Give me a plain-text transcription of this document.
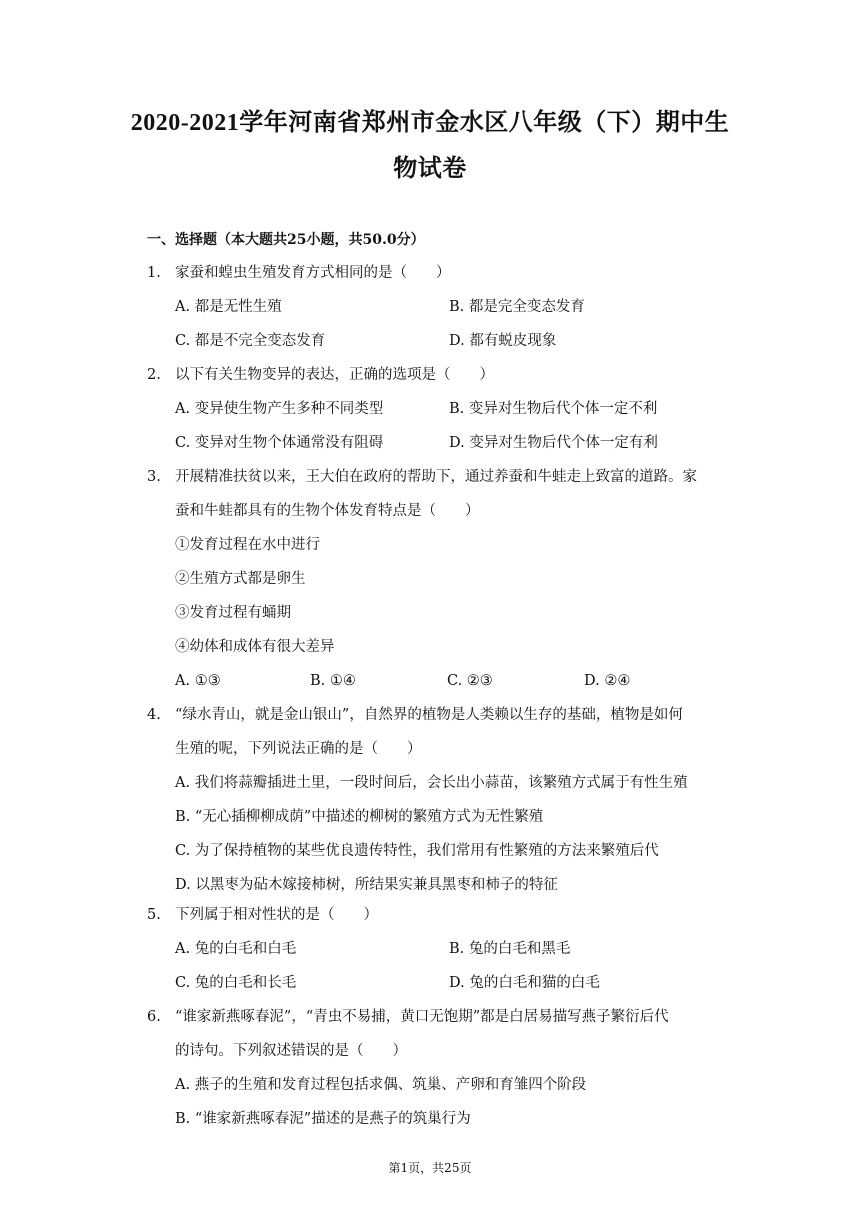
2020-2021学年河南省郑州市金水区八年级（下）期中生
物试卷
一、选择题（本大题共25小题，共50.0分）
1. 家蚕和蝗虫生殖发育方式相同的是（　　）
A. 都是无性生殖	B. 都是完全变态发育
C. 都是不完全变态发育	D. 都有蜕皮现象
2. 以下有关生物变异的表达，正确的选项是（　　）
A. 变异使生物产生多种不同类型	B. 变异对生物后代个体一定不利
C. 变异对生物个体通常没有阻碍	D. 变异对生物后代个体一定有利
3. 开展精准扶贫以来，王大伯在政府的帮助下，通过养蚕和牛蛙走上致富的道路。家
蚕和牛蛙都具有的生物个体发育特点是（　　）
①发育过程在水中进行
②生殖方式都是卵生
③发育过程有蛹期
④幼体和成体有很大差异
A. ①③	B. ①④	C. ②③	D. ②④
4. “绿水青山，就是金山银山”，自然界的植物是人类赖以生存的基础，植物是如何
生殖的呢，下列说法正确的是（　　）
A. 我们将蒜瓣插进土里，一段时间后，会长出小蒜苗，该繁殖方式属于有性生殖
B. “无心插柳柳成荫”中描述的柳树的繁殖方式为无性繁殖
C. 为了保持植物的某些优良遗传特性，我们常用有性繁殖的方法来繁殖后代
D. 以黑枣为砧木嫁接柿树，所结果实兼具黑枣和柿子的特征
5. 下列属于相对性状的是（　　）
A. 兔的白毛和白毛	B. 兔的白毛和黑毛
C. 兔的白毛和长毛	D. 兔的白毛和猫的白毛
6. “谁家新燕啄春泥”，“青虫不易捕，黄口无饱期”都是白居易描写燕子繁衍后代
的诗句。下列叙述错误的是（　　）
A. 燕子的生殖和发育过程包括求偶、筑巢、产卵和育雏四个阶段
B. “谁家新燕啄春泥”描述的是燕子的筑巢行为
第1页，共25页
